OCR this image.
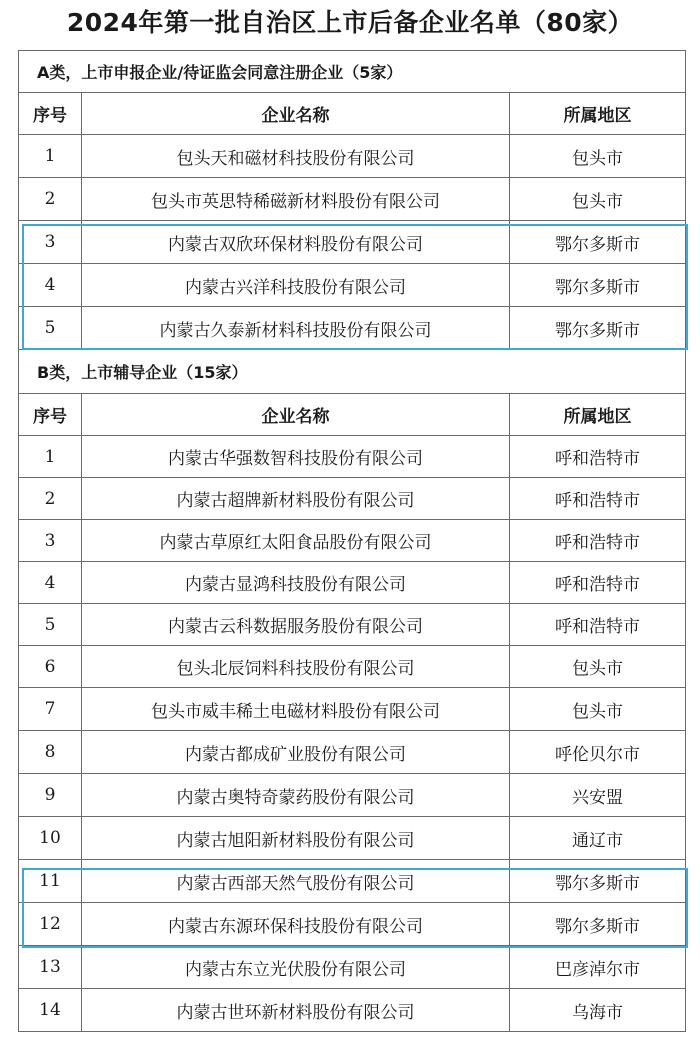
2024年第一批自治区上市后备企业名单（80家）
A类，上市申报企业/待证监会同意注册企业（5家）		
序号	企业名称	所属地区
1	包头天和磁材科技股份有限公司	包头市
2	包头市英思特稀磁新材料股份有限公司	包头市
3	内蒙古双欣环保材料股份有限公司	鄂尔多斯市
4	内蒙古兴洋科技股份有限公司	鄂尔多斯市
5	内蒙古久泰新材料科技股份有限公司	鄂尔多斯市
B类，上市辅导企业（15家）		
序号	企业名称	所属地区
1	内蒙古华强数智科技股份有限公司	呼和浩特市
2	内蒙古超牌新材料股份有限公司	呼和浩特市
3	内蒙古草原红太阳食品股份有限公司	呼和浩特市
4	内蒙古显鸿科技股份有限公司	呼和浩特市
5	内蒙古云科数据服务股份有限公司	呼和浩特市
6	包头北辰饲料科技股份有限公司	包头市
7	包头市威丰稀土电磁材料股份有限公司	包头市
8	内蒙古都成矿业股份有限公司	呼伦贝尔市
9	内蒙古奥特奇蒙药股份有限公司	兴安盟
10	内蒙古旭阳新材料股份有限公司	通辽市
11	内蒙古西部天然气股份有限公司	鄂尔多斯市
12	内蒙古东源环保科技股份有限公司	鄂尔多斯市
13	内蒙古东立光伏股份有限公司	巴彦淖尔市
14	内蒙古世环新材料股份有限公司	乌海市
